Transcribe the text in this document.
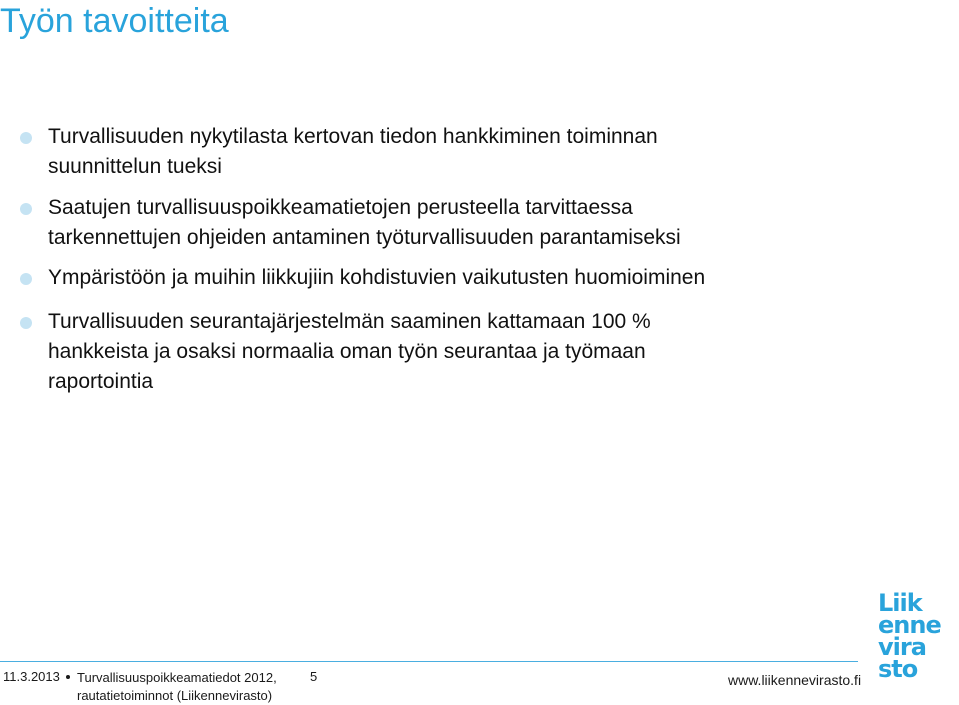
Työn tavoitteita
Turvallisuuden nykytilasta kertovan tiedon hankkiminen toiminnan
suunnittelun tueksi
Saatujen turvallisuuspoikkeamatietojen perusteella tarvittaessa
tarkennettujen ohjeiden antaminen työturvallisuuden parantamiseksi
Ympäristöön ja muihin liikkujiin kohdistuvien vaikutusten huomioiminen
Turvallisuuden seurantajärjestelmän saaminen kattamaan 100 %
hankkeista ja osaksi normaalia oman työn seurantaa ja työmaan
raportointia
11.3.2013 Turvallisuuspoikkeamatiedot 2012,
rautatietoiminnot (Liikennevirasto)
5	www.liikennevirasto.fi
Liik
enne
vira
sto
